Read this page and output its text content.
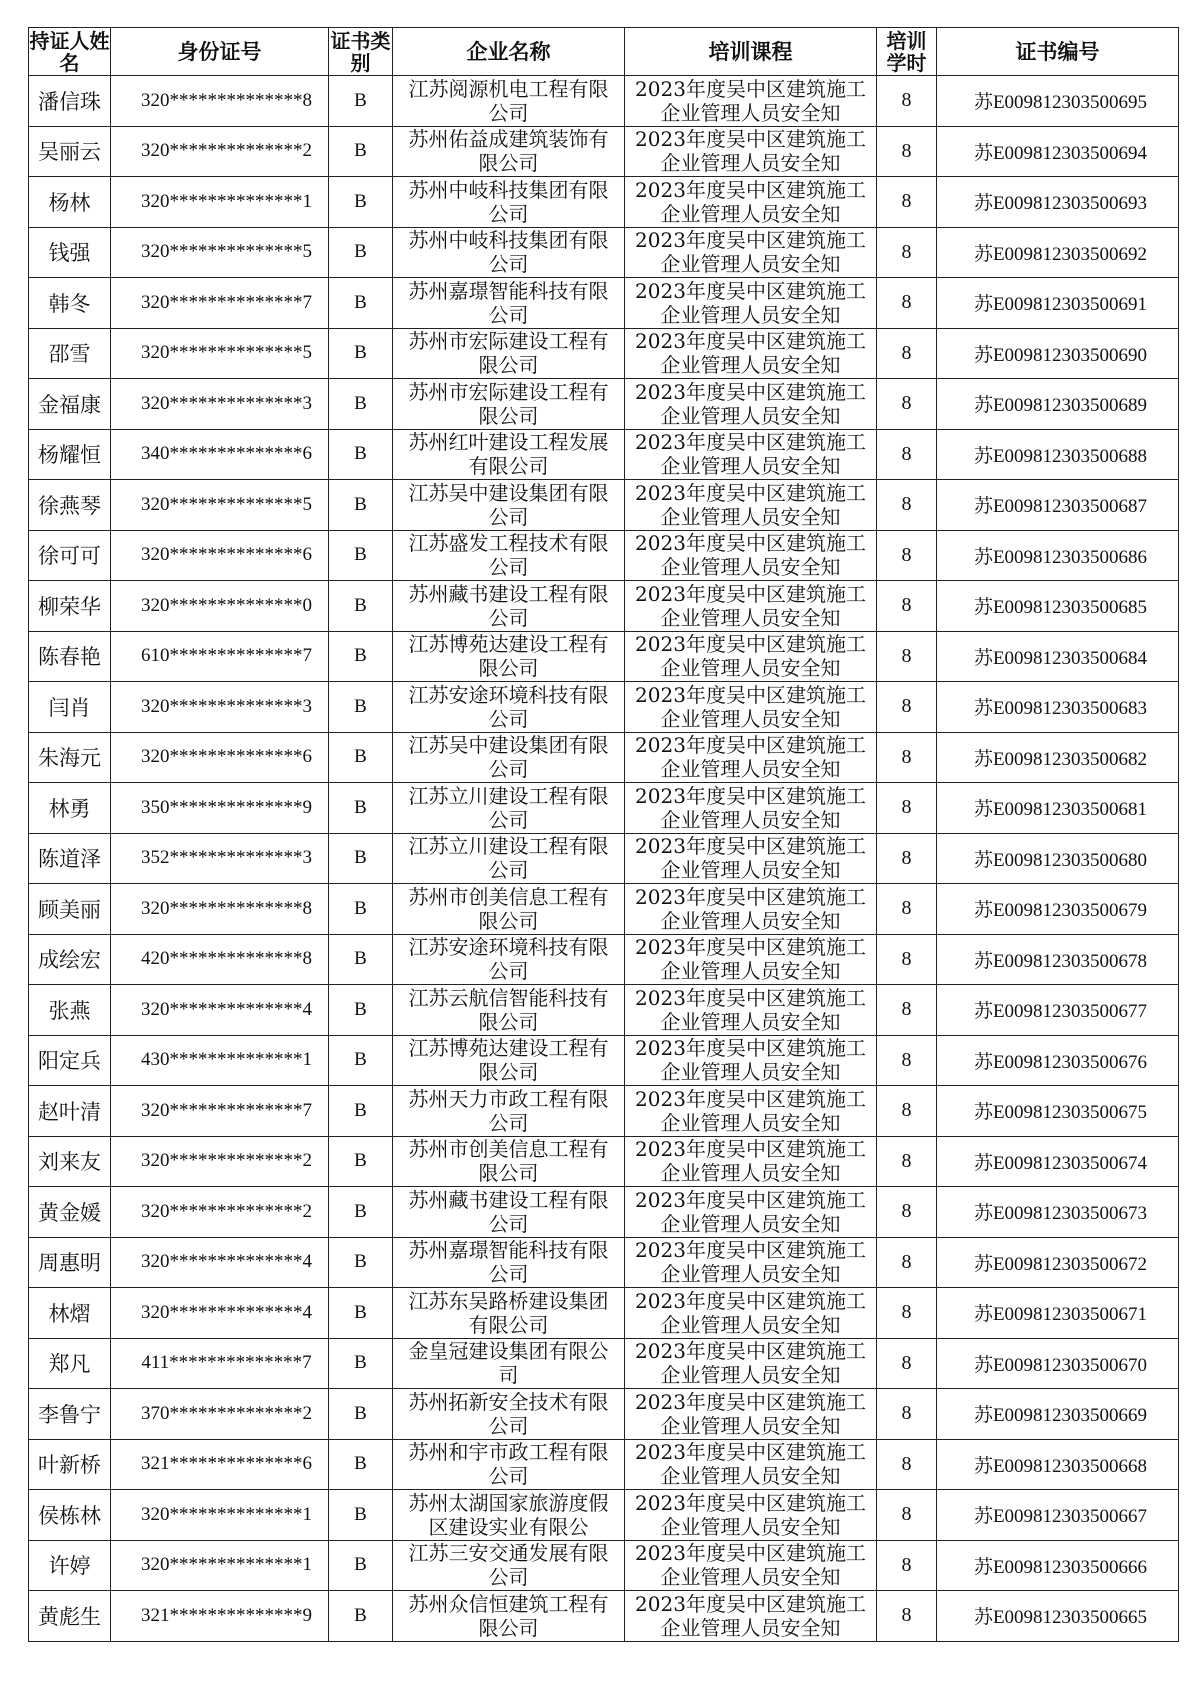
持证人姓名	身份证号	证书类别	企业名称	培训课程	培训学时	证书编号
潘信珠	320**************8	B	江苏阅源机电工程有限公司	2023年度吴中区建筑施工企业管理人员安全知	8	苏E009812303500695
吴丽云	320**************2	B	苏州佑益成建筑装饰有限公司	2023年度吴中区建筑施工企业管理人员安全知	8	苏E009812303500694
杨林	320**************1	B	苏州中岐科技集团有限公司	2023年度吴中区建筑施工企业管理人员安全知	8	苏E009812303500693
钱强	320**************5	B	苏州中岐科技集团有限公司	2023年度吴中区建筑施工企业管理人员安全知	8	苏E009812303500692
韩冬	320**************7	B	苏州嘉璟智能科技有限公司	2023年度吴中区建筑施工企业管理人员安全知	8	苏E009812303500691
邵雪	320**************5	B	苏州市宏际建设工程有限公司	2023年度吴中区建筑施工企业管理人员安全知	8	苏E009812303500690
金福康	320**************3	B	苏州市宏际建设工程有限公司	2023年度吴中区建筑施工企业管理人员安全知	8	苏E009812303500689
杨耀恒	340**************6	B	苏州红叶建设工程发展有限公司	2023年度吴中区建筑施工企业管理人员安全知	8	苏E009812303500688
徐燕琴	320**************5	B	江苏吴中建设集团有限公司	2023年度吴中区建筑施工企业管理人员安全知	8	苏E009812303500687
徐可可	320**************6	B	江苏盛发工程技术有限公司	2023年度吴中区建筑施工企业管理人员安全知	8	苏E009812303500686
柳荣华	320**************0	B	苏州藏书建设工程有限公司	2023年度吴中区建筑施工企业管理人员安全知	8	苏E009812303500685
陈春艳	610**************7	B	江苏博苑达建设工程有限公司	2023年度吴中区建筑施工企业管理人员安全知	8	苏E009812303500684
闫肖	320**************3	B	江苏安途环境科技有限公司	2023年度吴中区建筑施工企业管理人员安全知	8	苏E009812303500683
朱海元	320**************6	B	江苏吴中建设集团有限公司	2023年度吴中区建筑施工企业管理人员安全知	8	苏E009812303500682
林勇	350**************9	B	江苏立川建设工程有限公司	2023年度吴中区建筑施工企业管理人员安全知	8	苏E009812303500681
陈道泽	352**************3	B	江苏立川建设工程有限公司	2023年度吴中区建筑施工企业管理人员安全知	8	苏E009812303500680
顾美丽	320**************8	B	苏州市创美信息工程有限公司	2023年度吴中区建筑施工企业管理人员安全知	8	苏E009812303500679
成绘宏	420**************8	B	江苏安途环境科技有限公司	2023年度吴中区建筑施工企业管理人员安全知	8	苏E009812303500678
张燕	320**************4	B	江苏云航信智能科技有限公司	2023年度吴中区建筑施工企业管理人员安全知	8	苏E009812303500677
阳定兵	430**************1	B	江苏博苑达建设工程有限公司	2023年度吴中区建筑施工企业管理人员安全知	8	苏E009812303500676
赵叶清	320**************7	B	苏州天力市政工程有限公司	2023年度吴中区建筑施工企业管理人员安全知	8	苏E009812303500675
刘来友	320**************2	B	苏州市创美信息工程有限公司	2023年度吴中区建筑施工企业管理人员安全知	8	苏E009812303500674
黄金媛	320**************2	B	苏州藏书建设工程有限公司	2023年度吴中区建筑施工企业管理人员安全知	8	苏E009812303500673
周惠明	320**************4	B	苏州嘉璟智能科技有限公司	2023年度吴中区建筑施工企业管理人员安全知	8	苏E009812303500672
林熠	320**************4	B	江苏东吴路桥建设集团有限公司	2023年度吴中区建筑施工企业管理人员安全知	8	苏E009812303500671
郑凡	411**************7	B	金皇冠建设集团有限公司	2023年度吴中区建筑施工企业管理人员安全知	8	苏E009812303500670
李鲁宁	370**************2	B	苏州拓新安全技术有限公司	2023年度吴中区建筑施工企业管理人员安全知	8	苏E009812303500669
叶新桥	321**************6	B	苏州和宇市政工程有限公司	2023年度吴中区建筑施工企业管理人员安全知	8	苏E009812303500668
侯栋林	320**************1	B	苏州太湖国家旅游度假区建设实业有限公	2023年度吴中区建筑施工企业管理人员安全知	8	苏E009812303500667
许婷	320**************1	B	江苏三安交通发展有限公司	2023年度吴中区建筑施工企业管理人员安全知	8	苏E009812303500666
黄彪生	321**************9	B	苏州众信恒建筑工程有限公司	2023年度吴中区建筑施工企业管理人员安全知	8	苏E009812303500665
